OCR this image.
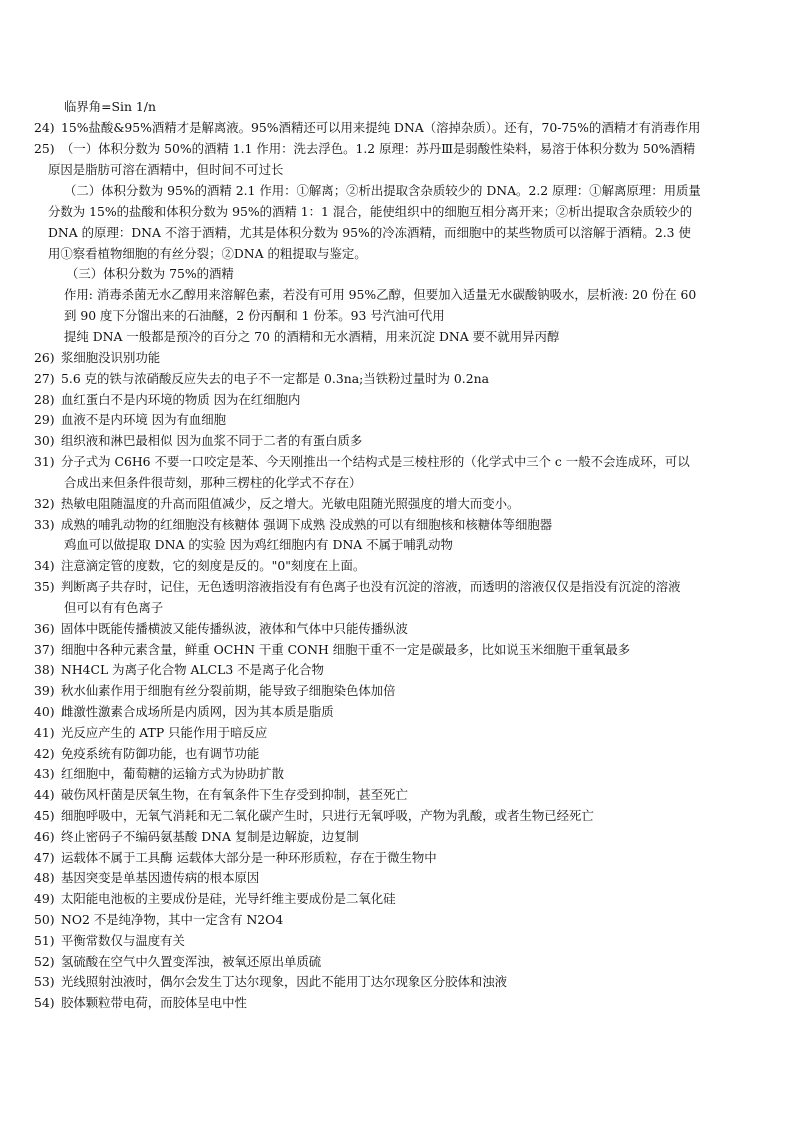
临界角=Sin 1/n
24) 15%盐酸&95%酒精才是解离液。95%酒精还可以用来提纯 DNA（溶掉杂质）。还有，70-75%的酒精才有消毒作用
25) （一）体积分数为 50%的酒精 1.1 作用：洗去浮色。1.2 原理：苏丹Ⅲ是弱酸性染料，易溶于体积分数为 50%酒精
原因是脂肪可溶在酒精中，但时间不可过长
（二）体积分数为 95%的酒精 2.1 作用：①解离；②析出提取含杂质较少的 DNA。2.2 原理：①解离原理：用质量
分数为 15%的盐酸和体积分数为 95%的酒精 1：1 混合，能使组织中的细胞互相分离开来；②析出提取含杂质较少的
DNA 的原理：DNA 不溶于酒精，尤其是体积分数为 95%的冷冻酒精，而细胞中的某些物质可以溶解于酒精。2.3 使
用①察看植物细胞的有丝分裂；②DNA 的粗提取与鉴定。
（三）体积分数为 75%的酒精
作用: 消毒杀菌无水乙醇用来溶解色素，若没有可用 95%乙醇，但要加入适量无水碳酸钠吸水，层析液: 20 份在 60
到 90 度下分馏出来的石油醚，2 份丙酮和 1 份苯。93 号汽油可代用
提纯 DNA 一般都是预冷的百分之 70 的酒精和无水酒精，用来沉淀 DNA 要不就用异丙醇
26) 浆细胞没识别功能
27) 5.6 克的铁与浓硝酸反应失去的电子不一定都是 0.3na;当铁粉过量时为 0.2na
28) 血红蛋白不是内环境的物质 因为在红细胞内
29) 血液不是内环境 因为有血细胞
30) 组织液和淋巴最相似 因为血浆不同于二者的有蛋白质多
31) 分子式为 C6H6 不要一口咬定是苯、今天刚推出一个结构式是三棱柱形的（化学式中三个 c 一般不会连成环，可以
合成出来但条件很苛刻，那种三楞柱的化学式不存在）
32) 热敏电阻随温度的升高而阻值减少，反之增大。光敏电阻随光照强度的增大而变小。
33) 成熟的哺乳动物的红细胞没有核糖体 强调下成熟 没成熟的可以有细胞核和核糖体等细胞器
鸡血可以做提取 DNA 的实验 因为鸡红细胞内有 DNA 不属于哺乳动物
34) 注意滴定管的度数，它的刻度是反的。"0"刻度在上面。
35) 判断离子共存时，记住，无色透明溶液指没有有色离子也没有沉淀的溶液，而透明的溶液仅仅是指没有沉淀的溶液
但可以有有色离子
36) 固体中既能传播横波又能传播纵波，液体和气体中只能传播纵波
37) 细胞中各种元素含量，鲜重 OCHN 干重 CONH 细胞干重不一定是碳最多，比如说玉米细胞干重氧最多
38) NH4CL 为离子化合物 ALCL3 不是离子化合物
39) 秋水仙素作用于细胞有丝分裂前期，能导致子细胞染色体加倍
40) 雌激性激素合成场所是内质网，因为其本质是脂质
41) 光反应产生的 ATP 只能作用于暗反应
42) 免疫系统有防御功能，也有调节功能
43) 红细胞中，葡萄糖的运输方式为协助扩散
44) 破伤风杆菌是厌氧生物，在有氧条件下生存受到抑制，甚至死亡
45) 细胞呼吸中，无氧气消耗和无二氧化碳产生时，只进行无氧呼吸，产物为乳酸，或者生物已经死亡
46) 终止密码子不编码氨基酸 DNA 复制是边解旋，边复制
47) 运载体不属于工具酶 运载体大部分是一种环形质粒，存在于微生物中
48) 基因突变是单基因遗传病的根本原因
49) 太阳能电池板的主要成份是硅，光导纤维主要成份是二氧化硅
50) NO2 不是纯净物，其中一定含有 N2O4
51) 平衡常数仅与温度有关
52) 氢硫酸在空气中久置变浑浊，被氧还原出单质硫
53) 光线照射浊液时，偶尔会发生丁达尔现象，因此不能用丁达尔现象区分胶体和浊液
54) 胶体颗粒带电荷，而胶体呈电中性
